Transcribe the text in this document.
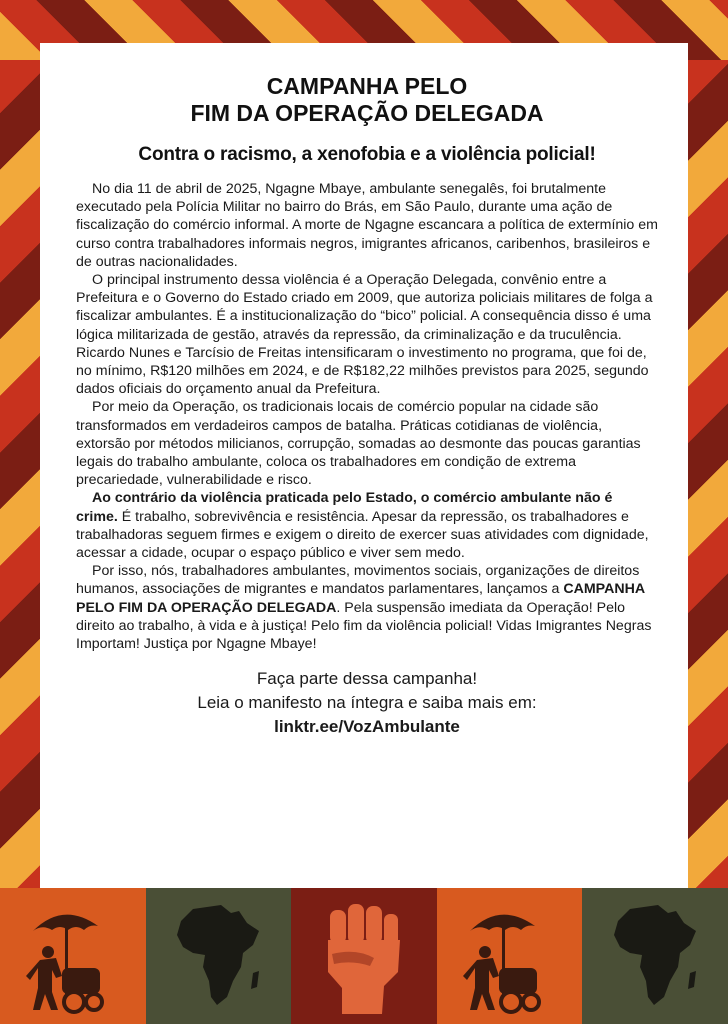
CAMPANHA PELO
FIM DA OPERAÇÃO DELEGADA
Contra o racismo, a xenofobia e a violência policial!

No dia 11 de abril de 2025, Ngagne Mbaye, ambulante senegalês, foi brutalmente executado pela Polícia Militar no bairro do Brás, em São Paulo, durante uma ação de fiscalização do comércio informal. A morte de Ngagne escancara a política de extermínio em curso contra trabalhadores informais negros, imigrantes africanos, caribenhos, brasileiros e de outras nacionalidades.

O principal instrumento dessa violência é a Operação Delegada, convênio entre a Prefeitura e o Governo do Estado criado em 2009, que autoriza policiais militares de folga a fiscalizar ambulantes. É a institucionalização do “bico” policial. A consequência disso é uma lógica militarizada de gestão, através da repressão, da criminalização e da truculência. Ricardo Nunes e Tarcísio de Freitas intensificaram o investimento no programa, que foi de, no mínimo, R$120 milhões em 2024, e de R$182,22 milhões previstos para 2025, segundo dados oficiais do orçamento anual da Prefeitura.

Por meio da Operação, os tradicionais locais de comércio popular na cidade são transformados em verdadeiros campos de batalha. Práticas cotidianas de violência, extorsão por métodos milicianos, corrupção, somadas ao desmonte das poucas garantias legais do trabalho ambulante, coloca os trabalhadores em condição de extrema precariedade, vulnerabilidade e risco.

Ao contrário da violência praticada pelo Estado, o comércio ambulante não é crime. É trabalho, sobrevivência e resistência. Apesar da repressão, os trabalhadores e trabalhadoras seguem firmes e exigem o direito de exercer suas atividades com dignidade, acessar a cidade, ocupar o espaço público e viver sem medo.

Por isso, nós, trabalhadores ambulantes, movimentos sociais, organizações de direitos humanos, associações de migrantes e mandatos parlamentares, lançamos a CAMPANHA PELO FIM DA OPERAÇÃO DELEGADA. Pela suspensão imediata da Operação! Pelo direito ao trabalho, à vida e à justiça! Pelo fim da violência policial! Vidas Imigrantes Negras Importam! Justiça por Ngagne Mbaye!

Faça parte dessa campanha!
Leia o manifesto na íntegra e saiba mais em:
linktr.ee/VozAmbulante
